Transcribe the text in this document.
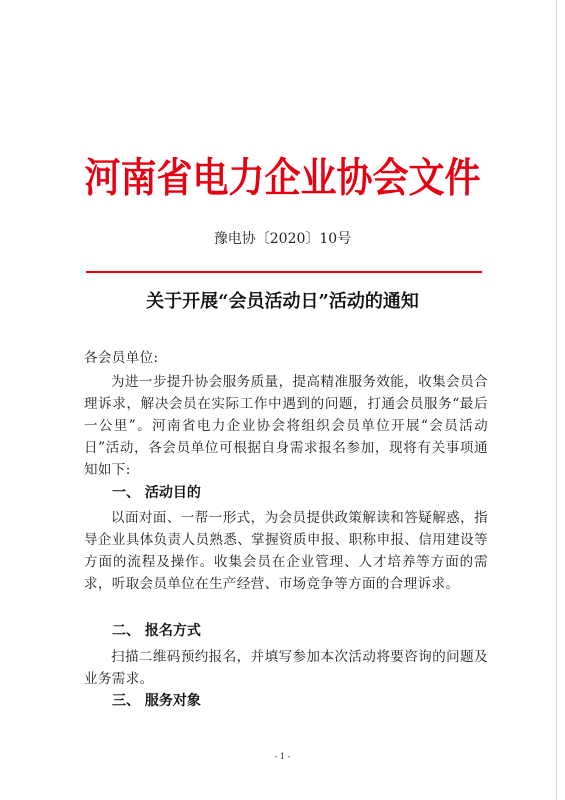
河南省电力企业协会文件
豫电协〔2020〕10号
关于开展“会员活动日”活动的通知
各会员单位:
为进一步提升协会服务质量，提高精准服务效能，收集会员合理诉求，解决会员在实际工作中遇到的问题，打通会员服务“最后一公里”。河南省电力企业协会将组织会员单位开展“会员活动日”活动，各会员单位可根据自身需求报名参加，现将有关事项通知如下:
一、 活动目的
以面对面、一帮一形式，为会员提供政策解读和答疑解惑，指导企业具体负责人员熟悉、掌握资质申报、职称申报、信用建设等方面的流程及操作。收集会员在企业管理、人才培养等方面的需求，听取会员单位在生产经营、市场竞争等方面的合理诉求。
二、 报名方式
扫描二维码预约报名，并填写参加本次活动将要咨询的问题及业务需求。
三、 服务对象
- 1 -
